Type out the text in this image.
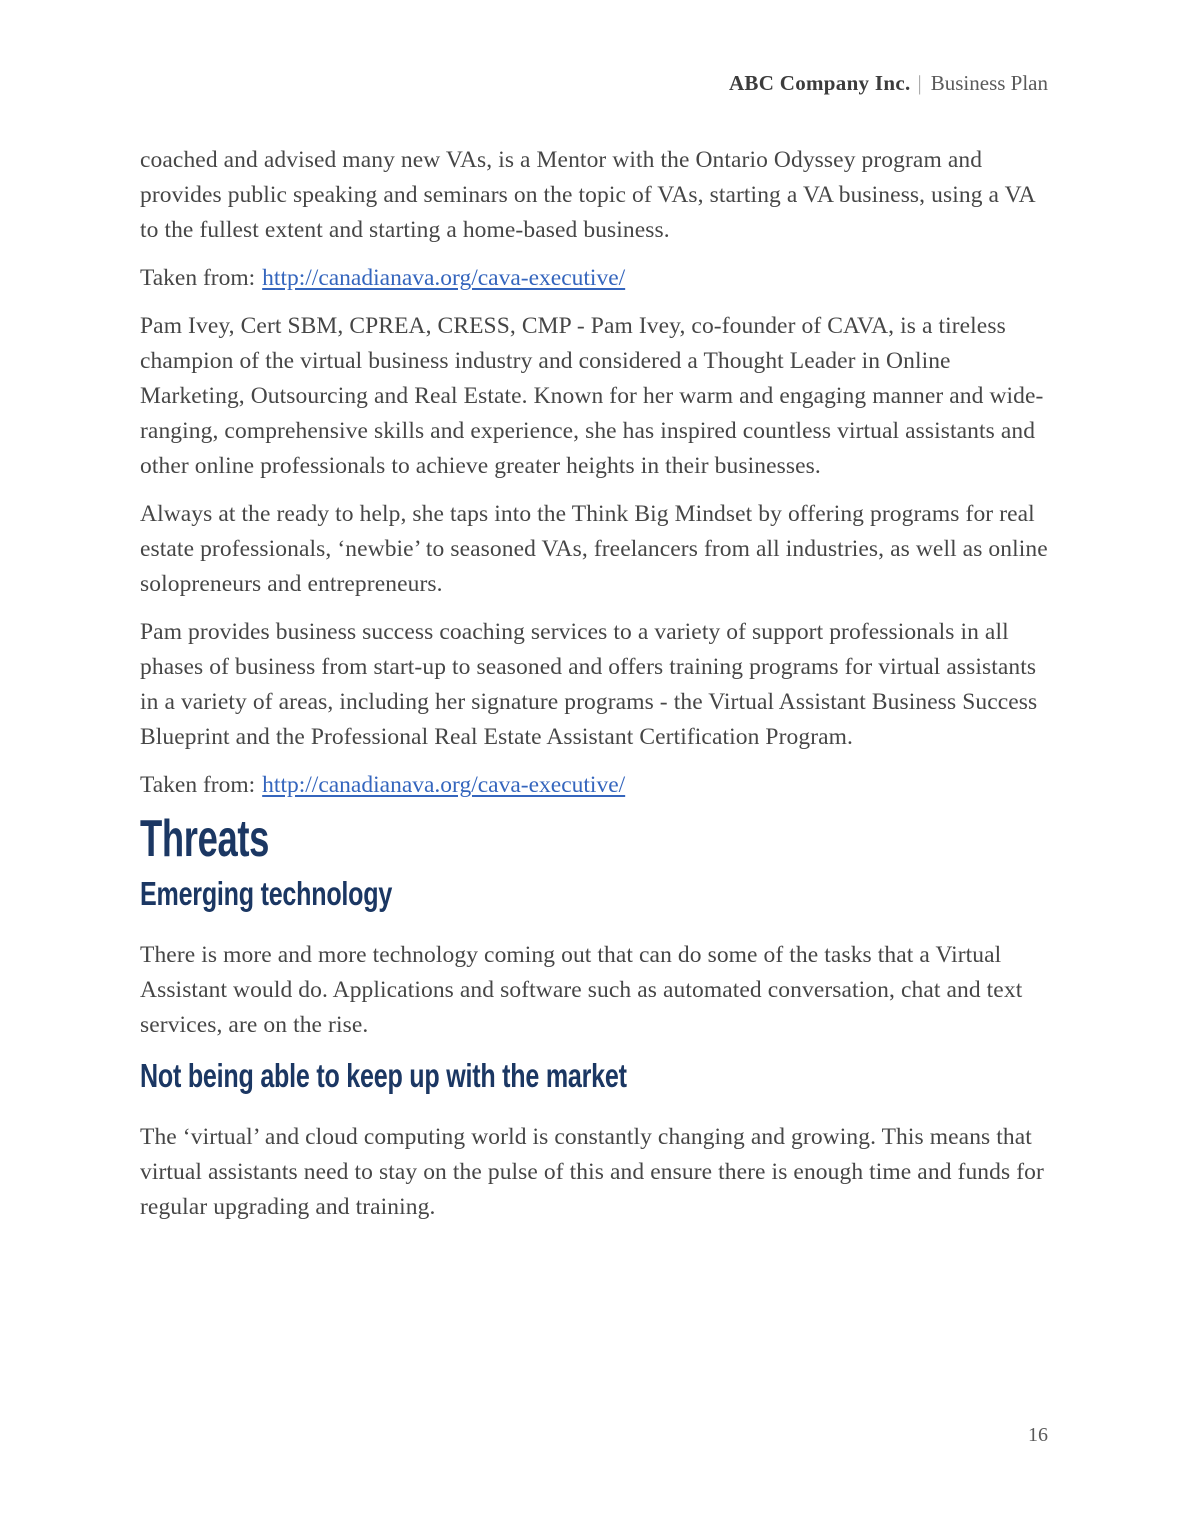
ABC Company Inc. | Business Plan

coached and advised many new VAs, is a Mentor with the Ontario Odyssey program and provides public speaking and seminars on the topic of VAs, starting a VA business, using a VA to the fullest extent and starting a home-based business.

Taken from: http://canadianava.org/cava-executive/

Pam Ivey, Cert SBM, CPREA, CRESS, CMP - Pam Ivey, co-founder of CAVA, is a tireless champion of the virtual business industry and considered a Thought Leader in Online Marketing, Outsourcing and Real Estate. Known for her warm and engaging manner and wide-ranging, comprehensive skills and experience, she has inspired countless virtual assistants and other online professionals to achieve greater heights in their businesses.

Always at the ready to help, she taps into the Think Big Mindset by offering programs for real estate professionals, ‘newbie’ to seasoned VAs, freelancers from all industries, as well as online solopreneurs and entrepreneurs.

Pam provides business success coaching services to a variety of support professionals in all phases of business from start-up to seasoned and offers training programs for virtual assistants in a variety of areas, including her signature programs - the Virtual Assistant Business Success Blueprint and the Professional Real Estate Assistant Certification Program.

Taken from: http://canadianava.org/cava-executive/

Threats
Emerging technology

There is more and more technology coming out that can do some of the tasks that a Virtual Assistant would do. Applications and software such as automated conversation, chat and text services, are on the rise.

Not being able to keep up with the market

The ‘virtual’ and cloud computing world is constantly changing and growing. This means that virtual assistants need to stay on the pulse of this and ensure there is enough time and funds for regular upgrading and training.

16
